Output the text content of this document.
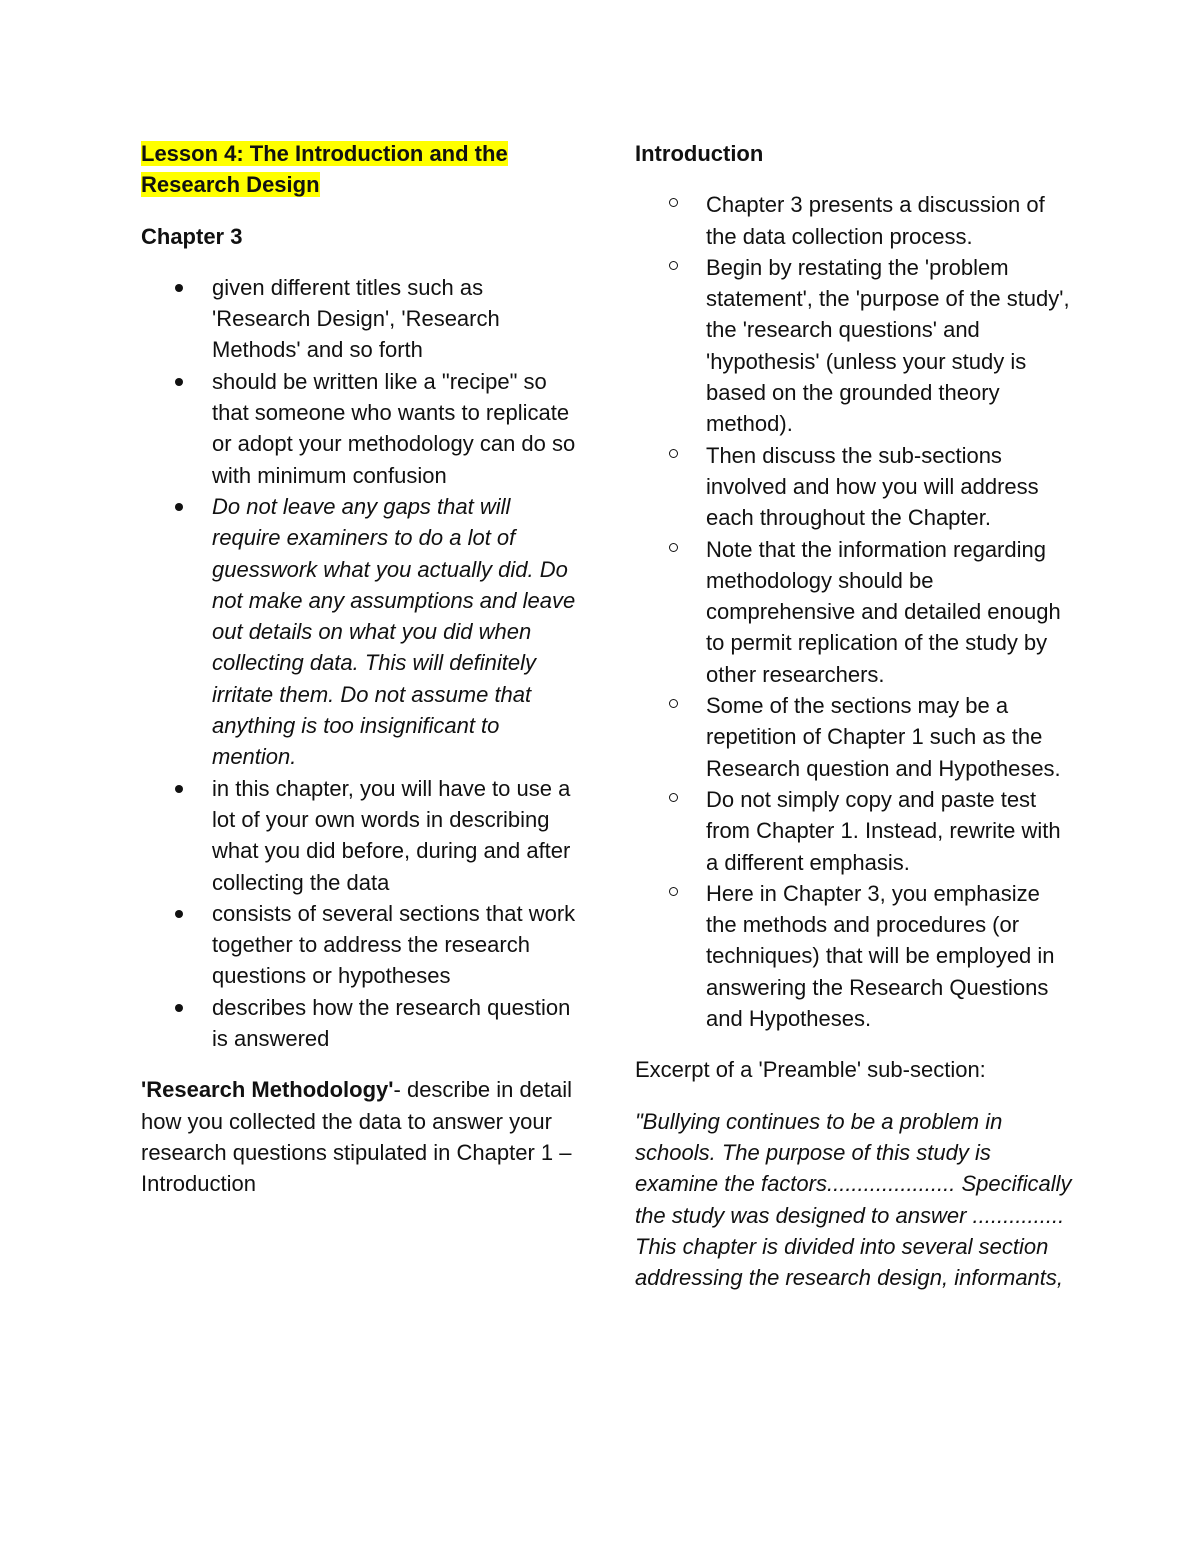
Lesson 4: The Introduction and the Research Design

Chapter 3

given different titles such as 'Research Design', 'Research Methods' and so forth
should be written like a "recipe" so that someone who wants to replicate or adopt your methodology can do so with minimum confusion
Do not leave any gaps that will require examiners to do a lot of guesswork what you actually did. Do not make any assumptions and leave out details on what you did when collecting data. This will definitely irritate them. Do not assume that anything is too insignificant to mention.
in this chapter, you will have to use a lot of your own words in describing what you did before, during and after collecting the data
consists of several sections that work together to address the research questions or hypotheses
describes how the research question is answered

'Research Methodology'- describe in detail how you collected the data to answer your research questions stipulated in Chapter 1 – Introduction

Introduction

Chapter 3 presents a discussion of the data collection process.
Begin by restating the 'problem statement', the 'purpose of the study', the 'research questions' and 'hypothesis' (unless your study is based on the grounded theory method).
Then discuss the sub-sections involved and how you will address each throughout the Chapter.
Note that the information regarding methodology should be comprehensive and detailed enough to permit replication of the study by other researchers.
Some of the sections may be a repetition of Chapter 1 such as the Research question and Hypotheses.
Do not simply copy and paste test from Chapter 1. Instead, rewrite with a different emphasis.
Here in Chapter 3, you emphasize the methods and procedures (or techniques) that will be employed in answering the Research Questions and Hypotheses.

Excerpt of a 'Preamble' sub-section:

"Bullying continues to be a problem in schools. The purpose of this study is examine the factors..................... Specifically the study was designed to answer ............... This chapter is divided into several section addressing the research design, informants,
